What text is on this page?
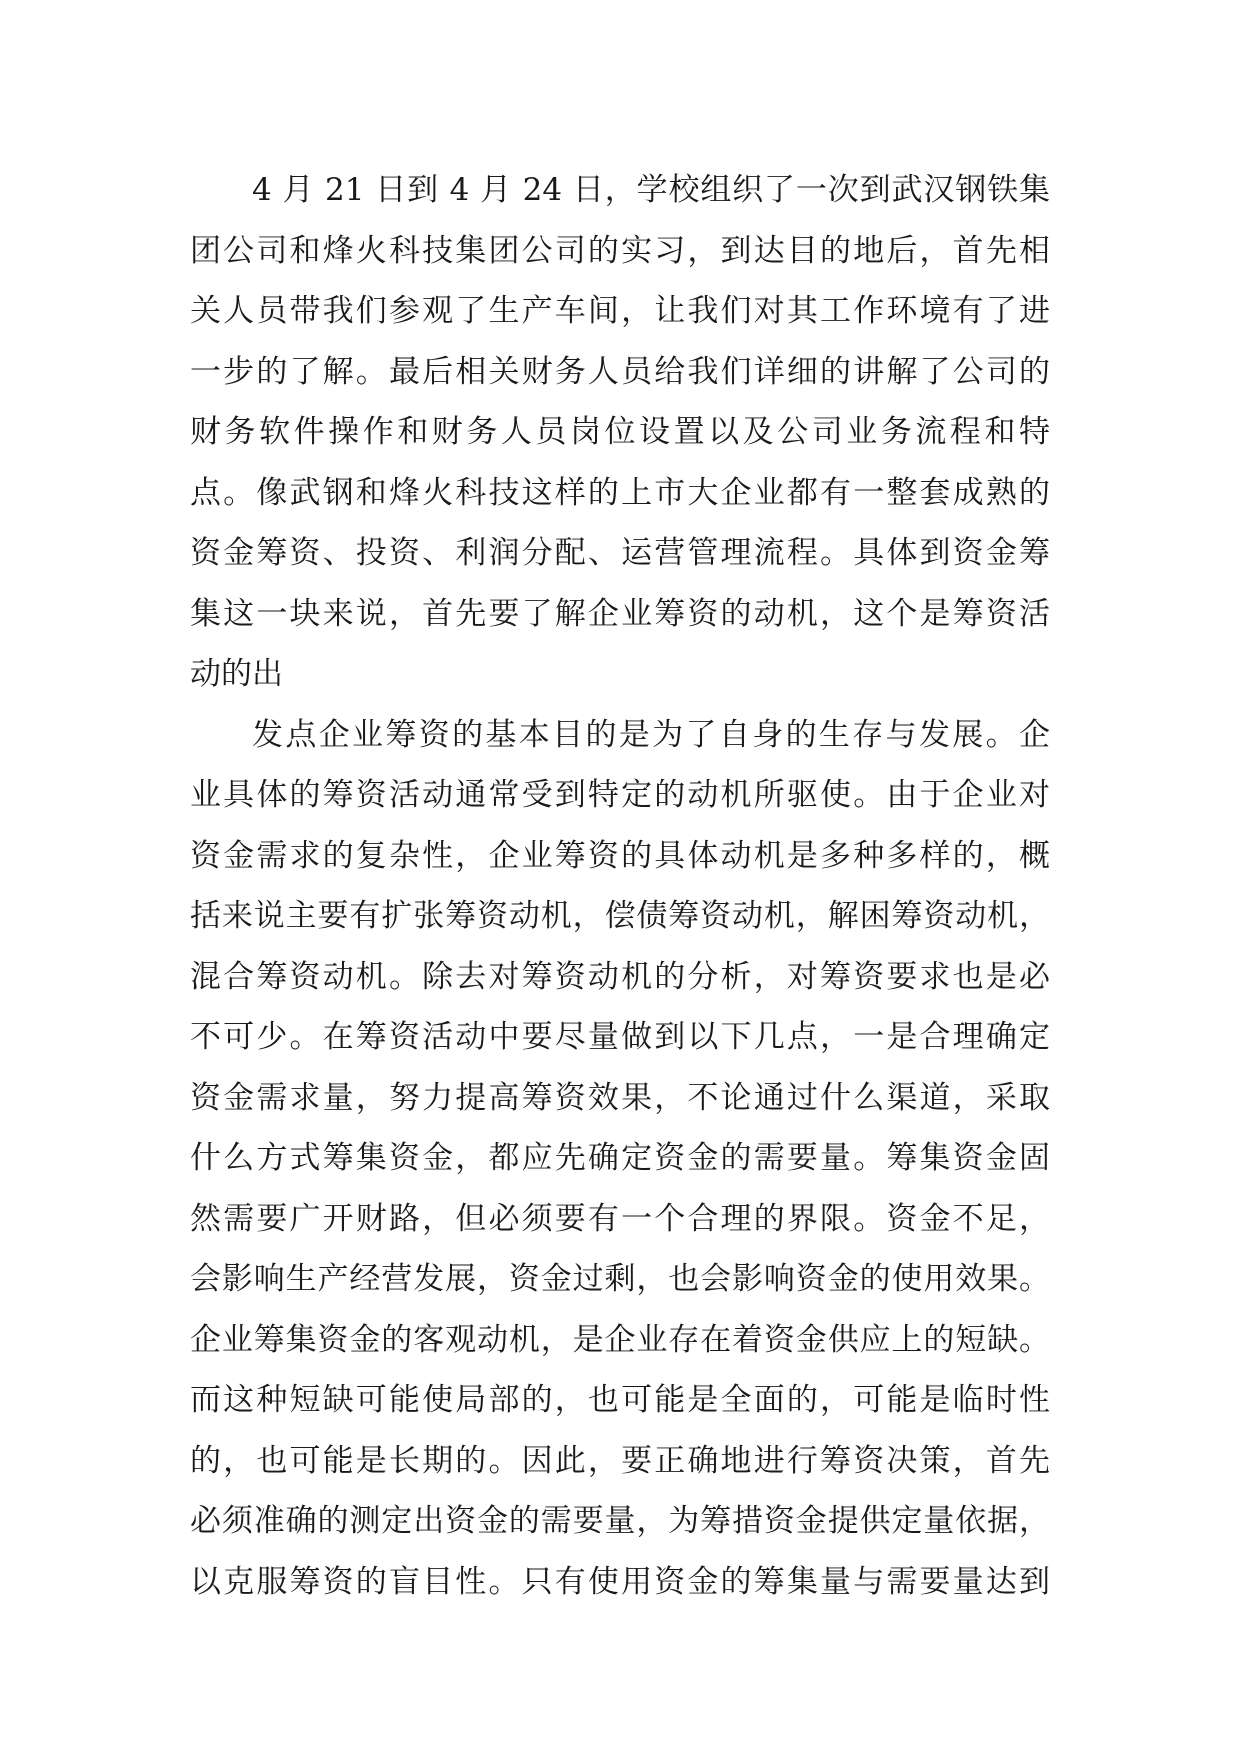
4 月 21 日到 4 月 24 日，学校组织了一次到武汉钢铁集
团公司和烽火科技集团公司的实习，到达目的地后，首先相
关人员带我们参观了生产车间，让我们对其工作环境有了进
一步的了解。最后相关财务人员给我们详细的讲解了公司的
财务软件操作和财务人员岗位设置以及公司业务流程和特
点。像武钢和烽火科技这样的上市大企业都有一整套成熟的
资金筹资、投资、利润分配、运营管理流程。具体到资金筹
集这一块来说，首先要了解企业筹资的动机，这个是筹资活
动的出
发点企业筹资的基本目的是为了自身的生存与发展。企
业具体的筹资活动通常受到特定的动机所驱使。由于企业对
资金需求的复杂性，企业筹资的具体动机是多种多样的，概
括来说主要有扩张筹资动机，偿债筹资动机，解困筹资动机，
混合筹资动机。除去对筹资动机的分析，对筹资要求也是必
不可少。在筹资活动中要尽量做到以下几点，一是合理确定
资金需求量，努力提高筹资效果，不论通过什么渠道，采取
什么方式筹集资金，都应先确定资金的需要量。筹集资金固
然需要广开财路，但必须要有一个合理的界限。资金不足，
会影响生产经营发展，资金过剩，也会影响资金的使用效果。
企业筹集资金的客观动机，是企业存在着资金供应上的短缺。
而这种短缺可能使局部的，也可能是全面的，可能是临时性
的，也可能是长期的。因此，要正确地进行筹资决策，首先
必须准确的测定出资金的需要量，为筹措资金提供定量依据，
以克服筹资的盲目性。只有使用资金的筹集量与需要量达到
